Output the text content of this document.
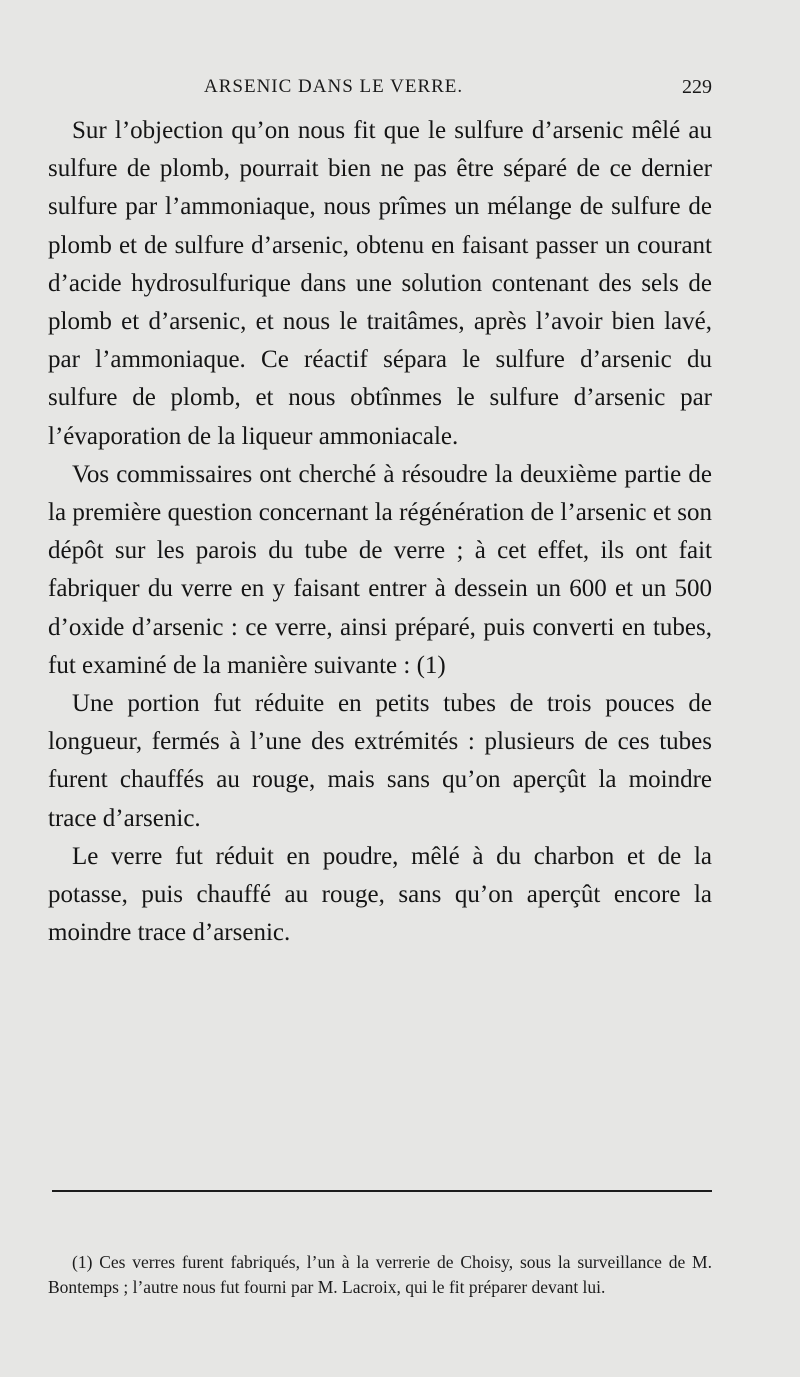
ARSENIC DANS LE VERRE.	229

Sur l’objection qu’on nous fit que le sulfure d’arsenic mêlé au sulfure de plomb, pourrait bien ne pas être séparé de ce dernier sulfure par l’ammoniaque, nous prîmes un mélange de sulfure de plomb et de sulfure d’arsenic, obtenu en faisant passer un courant d’acide hydrosulfurique dans une solution contenant des sels de plomb et d’arsenic, et nous le traitâmes, après l’avoir bien lavé, par l’ammoniaque. Ce réactif sépara le sulfure d’arsenic du sulfure de plomb, et nous obtînmes le sulfure d’arsenic par l’évaporation de la liqueur ammoniacale.

Vos commissaires ont cherché à résoudre la deuxième partie de la première question concernant la régénération de l’arsenic et son dépôt sur les parois du tube de verre ; à cet effet, ils ont fait fabriquer du verre en y faisant entrer à dessein un 600 et un 500 d’oxide d’arsenic : ce verre, ainsi préparé, puis converti en tubes, fut examiné de la manière suivante : (1)

Une portion fut réduite en petits tubes de trois pouces de longueur, fermés à l’une des extrémités : plusieurs de ces tubes furent chauffés au rouge, mais sans qu’on aperçût la moindre trace d’arsenic.

Le verre fut réduit en poudre, mêlé à du charbon et de la potasse, puis chauffé au rouge, sans qu’on aperçût encore la moindre trace d’arsenic.

(1) Ces verres furent fabriqués, l’un à la verrerie de Choisy, sous la surveillance de M. Bontemps ; l’autre nous fut fourni par M. Lacroix, qui le fit préparer devant lui.
